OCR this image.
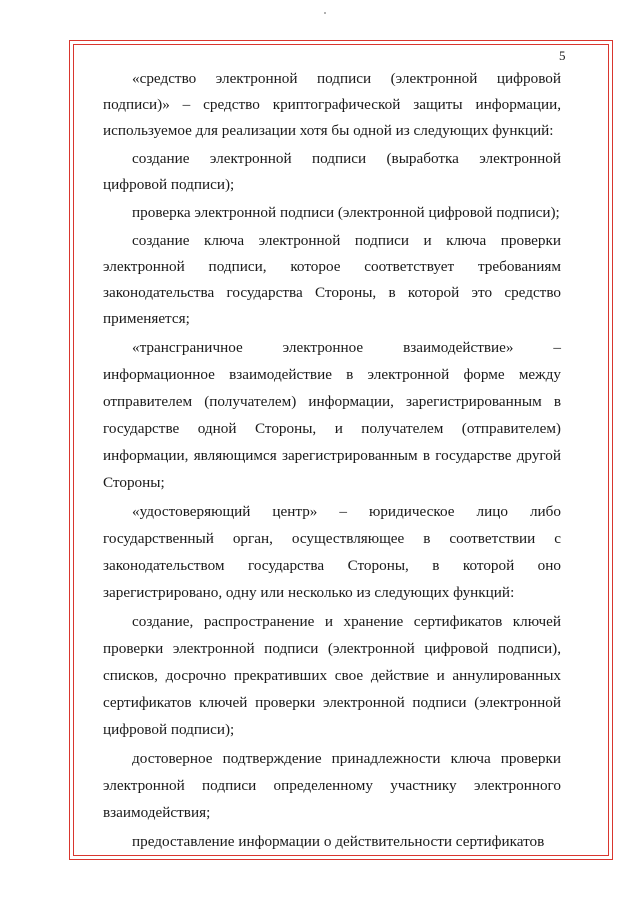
5

«средство электронной подписи (электронной цифровой подписи)» – средство криптографической защиты информации, используемое для реализации хотя бы одной из следующих функций:

создание электронной подписи (выработка электронной цифровой подписи);

проверка электронной подписи (электронной цифровой подписи);

создание ключа электронной подписи и ключа проверки электронной подписи, которое соответствует требованиям законодательства государства Стороны, в которой это средство применяется;

«трансграничное электронное взаимодействие» – информационное взаимодействие в электронной форме между отправителем (получателем) информации, зарегистрированным в государстве одной Стороны, и получателем (отправителем) информации, являющимся зарегистрированным в государстве другой Стороны;

«удостоверяющий центр» – юридическое лицо либо государственный орган, осуществляющее в соответствии с законодательством государства Стороны, в которой оно зарегистрировано, одну или несколько из следующих функций:

создание, распространение и хранение сертификатов ключей проверки электронной подписи (электронной цифровой подписи), списков, досрочно прекративших свое действие и аннулированных сертификатов ключей проверки электронной подписи (электронной цифровой подписи);

достоверное подтверждение принадлежности ключа проверки электронной подписи определенному участнику электронного взаимодействия;

предоставление информации о действительности сертификатов
